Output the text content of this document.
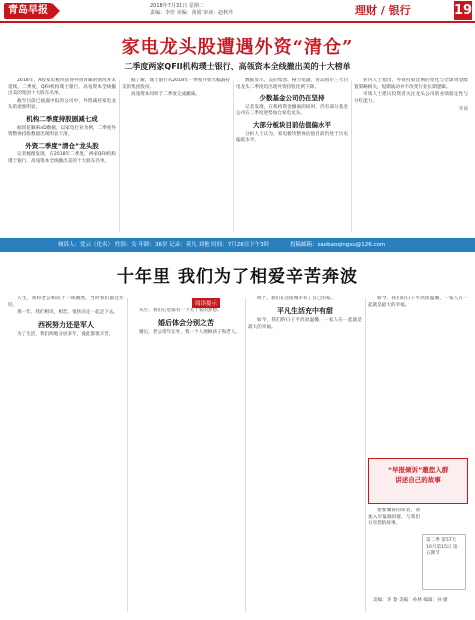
青岛早报	2018年7月31日 星期二
责编：李佳 美编：黄娟 审读：赵秋芹	理财 / 银行	19
家电龙头股遭遇外资“清仓”
二季度两家QFII机构璞士银行、高瓴资本全线撤出美的十大榜单

2018年，A股家电板块获得外资青睐的情况并未延续。二季度，QFII机构璞士银行、高瓴资本全线撤出美的集团十大股东名单。

截至目前已披露中报的公司中，外资减持家电龙头的迹象明显。

机构二季度持股剧减七成

据同花顺iFinD数据，以家电行业为例，二季度外资整体持股数量出现明显下滑。

外资二季度“清仓”龙头股

记者梳理发现，在2018年二季度，两家QFII机构璞士银行、高瓴资本全线撤出美的十大股东名单。

据了解，璞士银行从2018年一季度开始大幅减持美的集团股份。

高瓴资本同样于二季度完成撤离。

数据显示，美的集团、格力电器、青岛海尔三大白电龙头二季度均出现外资持股比例下降。

少数基金公司仍在坚持

记者发现，在机构资金撤离的同时，仍有部分基金公司在二季度逆势加仓家电龙头。

大部分板块目前估值偏水平

分析人士认为，家电板块整体估值目前仍处于历史偏低水平。

业内人士指出，外资持股比例的变化与全球资金配置策略相关，短期波动并不改变行业长期逻辑。

市场人士建议投资者关注龙头公司的业绩稳定性与分红能力。

华商
倾诉人：爱云（化名） 性别：女 年龄：36岁 记录：莫凡 刘艳 时间：7月26日下午3时	投稿邮箱：zaobaoqingsu@126.com
十年里 我们为了相爱辛苦奔波
阅读提示

人生，我和老公相识于一场偶然，当时我们都还年轻。

那一年，我们相识，相恋，很快决定一起走下去。

西祝努力还是军人

为了生活，我们两地分居多年，彼此都很辛苦。

从小，我们心里都有一个关于家的梦想。

婚后体会分别之苦

婚后，老公常年在外，我一个人照顾孩子和老人。

终于，我们在这座城市有了自己的家。

平凡生活充中有甜

如今，我们的日子平淡而温馨，一家人在一起就是最大的幸福。

如今，我们的日子平淡而温馨，一家人在一起就是最大的幸福。

“早报倾诉”邀您入群
讲述自己的故事

想要倾诉的读者，请加入早报倾诉群，与我们分享您的故事。

第二季 第57天 10月第15日 第五期节
美编：李 黎 美编：孙林 编辑：孙 婕
